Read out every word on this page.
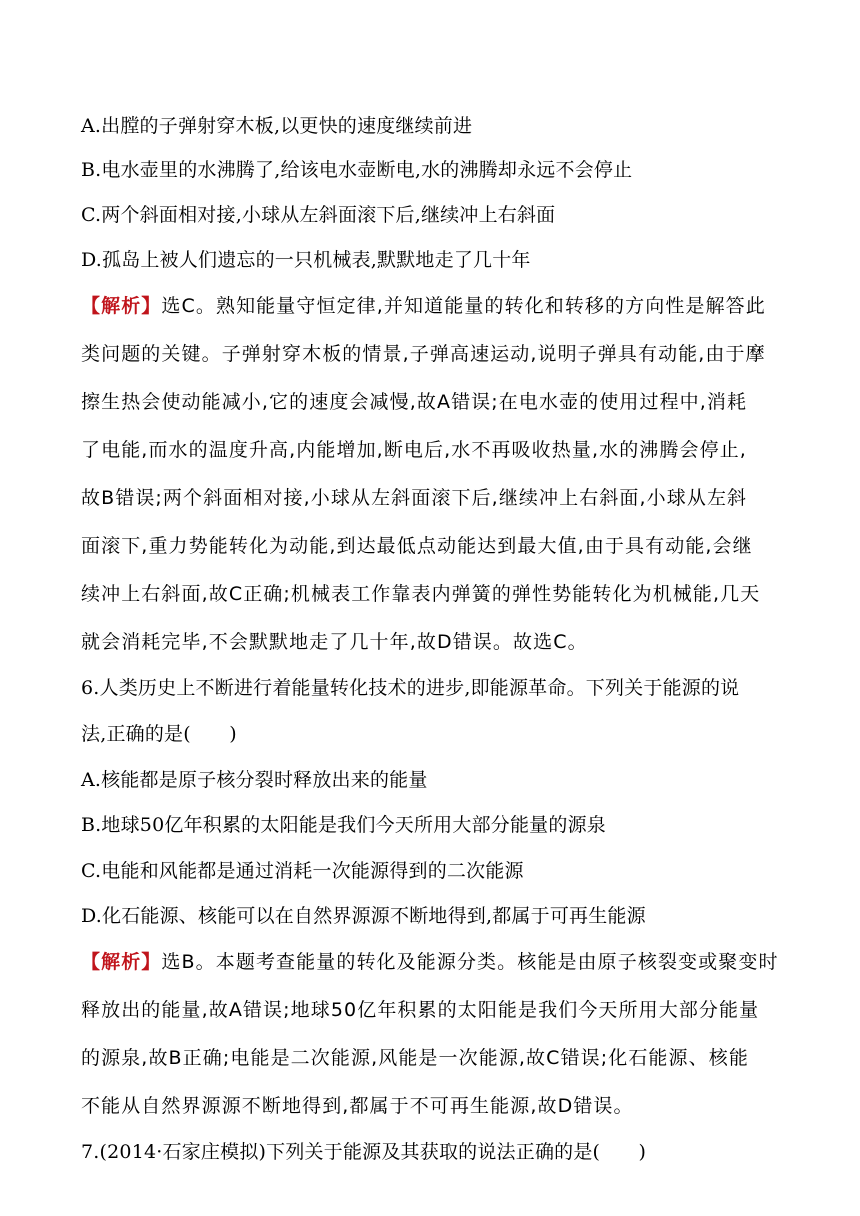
A.出膛的子弹射穿木板,以更快的速度继续前进
B.电水壶里的水沸腾了,给该电水壶断电,水的沸腾却永远不会停止
C.两个斜面相对接,小球从左斜面滚下后,继续冲上右斜面
D.孤岛上被人们遗忘的一只机械表,默默地走了几十年
【解析】选C。熟知能量守恒定律,并知道能量的转化和转移的方向性是解答此
类问题的关键。子弹射穿木板的情景,子弹高速运动,说明子弹具有动能,由于摩
擦生热会使动能减小,它的速度会减慢,故A错误;在电水壶的使用过程中,消耗
了电能,而水的温度升高,内能增加,断电后,水不再吸收热量,水的沸腾会停止,
故B错误;两个斜面相对接,小球从左斜面滚下后,继续冲上右斜面,小球从左斜
面滚下,重力势能转化为动能,到达最低点动能达到最大值,由于具有动能,会继
续冲上右斜面,故C正确;机械表工作靠表内弹簧的弹性势能转化为机械能,几天
就会消耗完毕,不会默默地走了几十年,故D错误。故选C。
6.人类历史上不断进行着能量转化技术的进步,即能源革命。下列关于能源的说
法,正确的是(　　)
A.核能都是原子核分裂时释放出来的能量
B.地球50亿年积累的太阳能是我们今天所用大部分能量的源泉
C.电能和风能都是通过消耗一次能源得到的二次能源
D.化石能源、核能可以在自然界源源不断地得到,都属于可再生能源
【解析】选B。本题考查能量的转化及能源分类。核能是由原子核裂变或聚变时
释放出的能量,故A错误;地球50亿年积累的太阳能是我们今天所用大部分能量
的源泉,故B正确;电能是二次能源,风能是一次能源,故C错误;化石能源、核能
不能从自然界源源不断地得到,都属于不可再生能源,故D错误。
7.(2014·石家庄模拟)下列关于能源及其获取的说法正确的是(　　)
